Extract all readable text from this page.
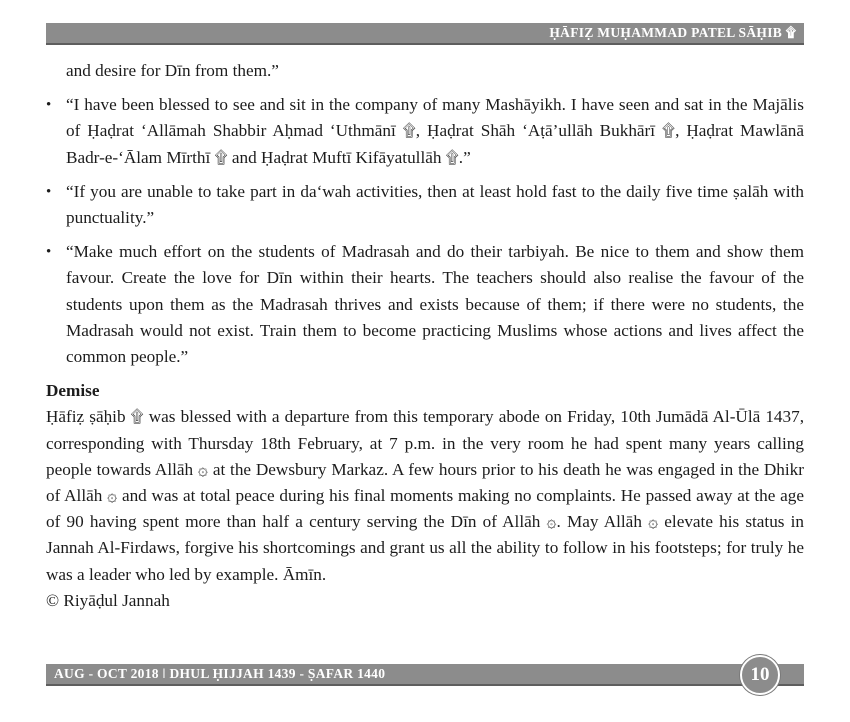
ḤĀFIẒ MUḤAMMAD PATEL SĀḤIB ۩

and desire for Dīn from them.”

• “I have been blessed to see and sit in the company of many Mashāyikh. I have seen and sat in the Majālis of Ḥaḍrat ‘Allāmah Shabbir Aḥmad ‘Uthmānī ۩, Ḥaḍrat Shāh ‘Aṭā’ullāh Bukhārī ۩, Ḥaḍrat Mawlānā Badr-e-‘Ālam Mīrthī ۩ and Ḥaḍrat Muftī Kifāyatullāh ۩.”
• “If you are unable to take part in da‘wah activities, then at least hold fast to the daily five time ṣalāh with punctuality.”
• “Make much effort on the students of Madrasah and do their tarbiyah. Be nice to them and show them favour. Create the love for Dīn within their hearts. The teachers should also realise the favour of the students upon them as the Madrasah thrives and exists because of them; if there were no students, the Madrasah would not exist. Train them to become practicing Muslims whose actions and lives affect the common people.”

Demise

Ḥāfiẓ ṣāḥib ۩ was blessed with a departure from this temporary abode on Friday, 10th Jumādā Al-Ūlā 1437, corresponding with Thursday 18th February, at 7 p.m. in the very room he had spent many years calling people towards Allāh ۞ at the Dewsbury Markaz. A few hours prior to his death he was engaged in the Dhikr of Allāh ۞ and was at total peace during his final moments making no complaints. He passed away at the age of 90 having spent more than half a century serving the Dīn of Allāh ۞. May Allāh ۞ elevate his status in Jannah Al-Firdaws, forgive his shortcomings and grant us all the ability to follow in his footsteps; for truly he was a leader who led by example. Āmīn.

© Riyāḍul Jannah

AUG - OCT 2018 ǀ DHUL ḤIJJAH 1439 - ṢAFAR 1440	10
